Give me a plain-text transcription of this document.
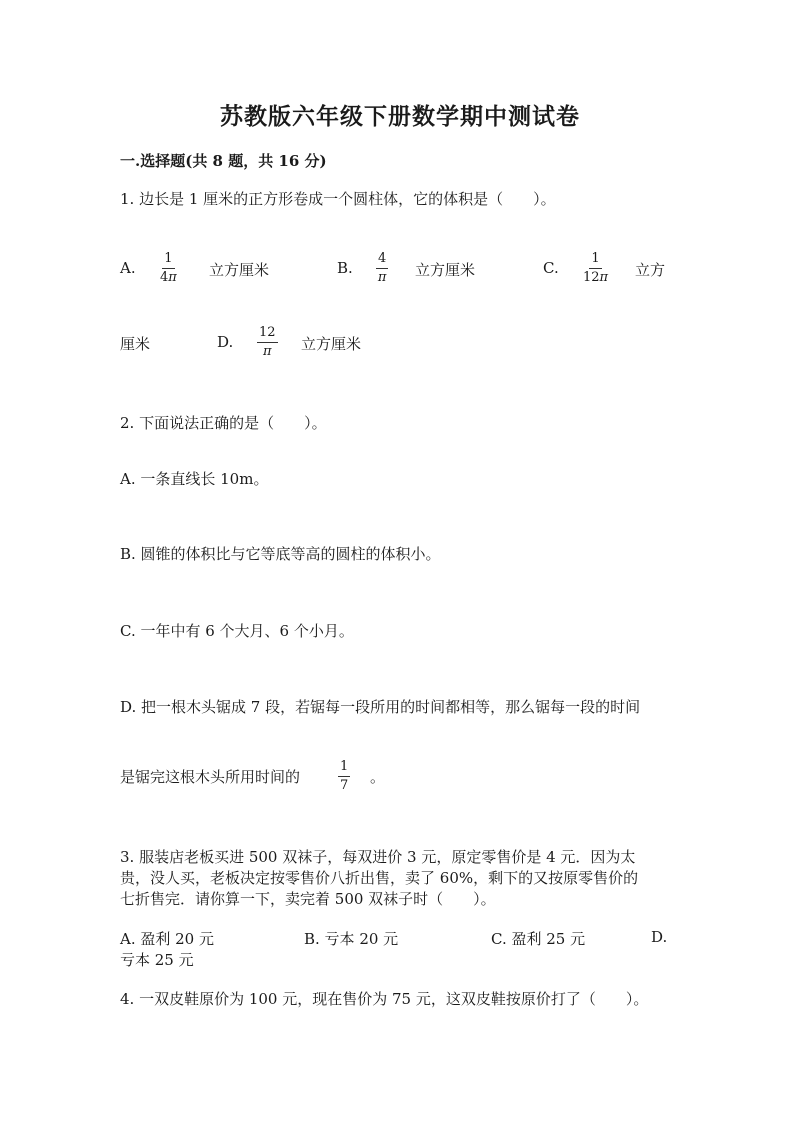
苏教版六年级下册数学期中测试卷
一.选择题(共 8 题，共 16 分)
1. 边长是 1 厘米的正方形卷成一个圆柱体，它的体积是（　　）。
A. $\frac{1}{4\pi}$ 立方厘米	B. $\frac{4}{\pi}$ 立方厘米	C. $\frac{1}{12\pi}$ 立方
厘米	D. $\frac{12}{\pi}$ 立方厘米
2. 下面说法正确的是（　　）。
A. 一条直线长 10m。
B. 圆锥的体积比与它等底等高的圆柱的体积小。
C. 一年中有 6 个大月、6 个小月。
D. 把一根木头锯成 7 段，若锯每一段所用的时间都相等，那么锯每一段的时间
是锯完这根木头所用时间的	$\frac{1}{7}$ 。
3. 服装店老板买进 500 双袜子，每双进价 3 元，原定零售价是 4 元．因为太
贵，没人买，老板决定按零售价八折出售，卖了 60%，剩下的又按原零售价的
七折售完．请你算一下，卖完着 500 双袜子时（　　）。
A. 盈利 20 元	B. 亏本 20 元	C. 盈利 25 元	D.
亏本 25 元
4. 一双皮鞋原价为 100 元，现在售价为 75 元，这双皮鞋按原价打了（　　）。
